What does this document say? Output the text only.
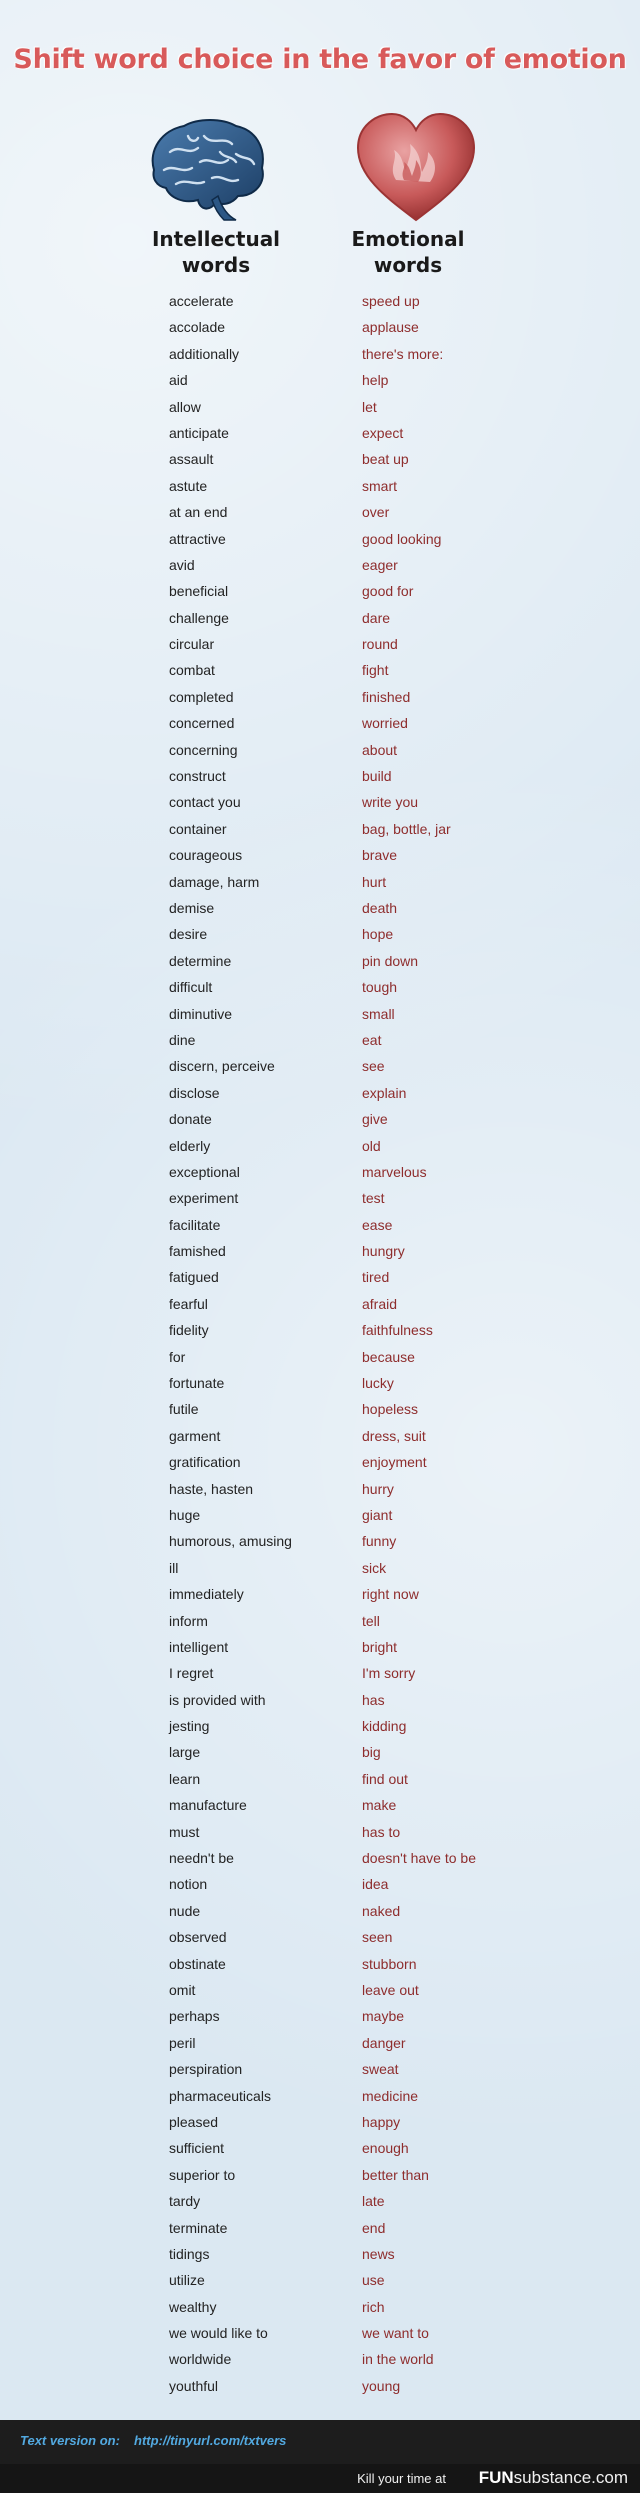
Shift word choice in the favor of emotion
Intellectual
words
Emotional
words
accelerate	speed up
accolade	applause
additionally	there's more:
aid	help
allow	let
anticipate	expect
assault	beat up
astute	smart
at an end	over
attractive	good looking
avid	eager
beneficial	good for
challenge	dare
circular	round
combat	fight
completed	finished
concerned	worried
concerning	about
construct	build
contact you	write you
container	bag, bottle, jar
courageous	brave
damage, harm	hurt
demise	death
desire	hope
determine	pin down
difficult	tough
diminutive	small
dine	eat
discern, perceive	see
disclose	explain
donate	give
elderly	old
exceptional	marvelous
experiment	test
facilitate	ease
famished	hungry
fatigued	tired
fearful	afraid
fidelity	faithfulness
for	because
fortunate	lucky
futile	hopeless
garment	dress, suit
gratification	enjoyment
haste, hasten	hurry
huge	giant
humorous, amusing	funny
ill	sick
immediately	right now
inform	tell
intelligent	bright
I regret	I'm sorry
is provided with	has
jesting	kidding
large	big
learn	find out
manufacture	make
must	has to
needn't be	doesn't have to be
notion	idea
nude	naked
observed	seen
obstinate	stubborn
omit	leave out
perhaps	maybe
peril	danger
perspiration	sweat
pharmaceuticals	medicine
pleased	happy
sufficient	enough
superior to	better than
tardy	late
terminate	end
tidings	news
utilize	use
wealthy	rich
we would like to	we want to
worldwide	in the world
youthful	young
Text version on: http://tinyurl.com/txtvers
Kill your time at FUNsubstance.com
